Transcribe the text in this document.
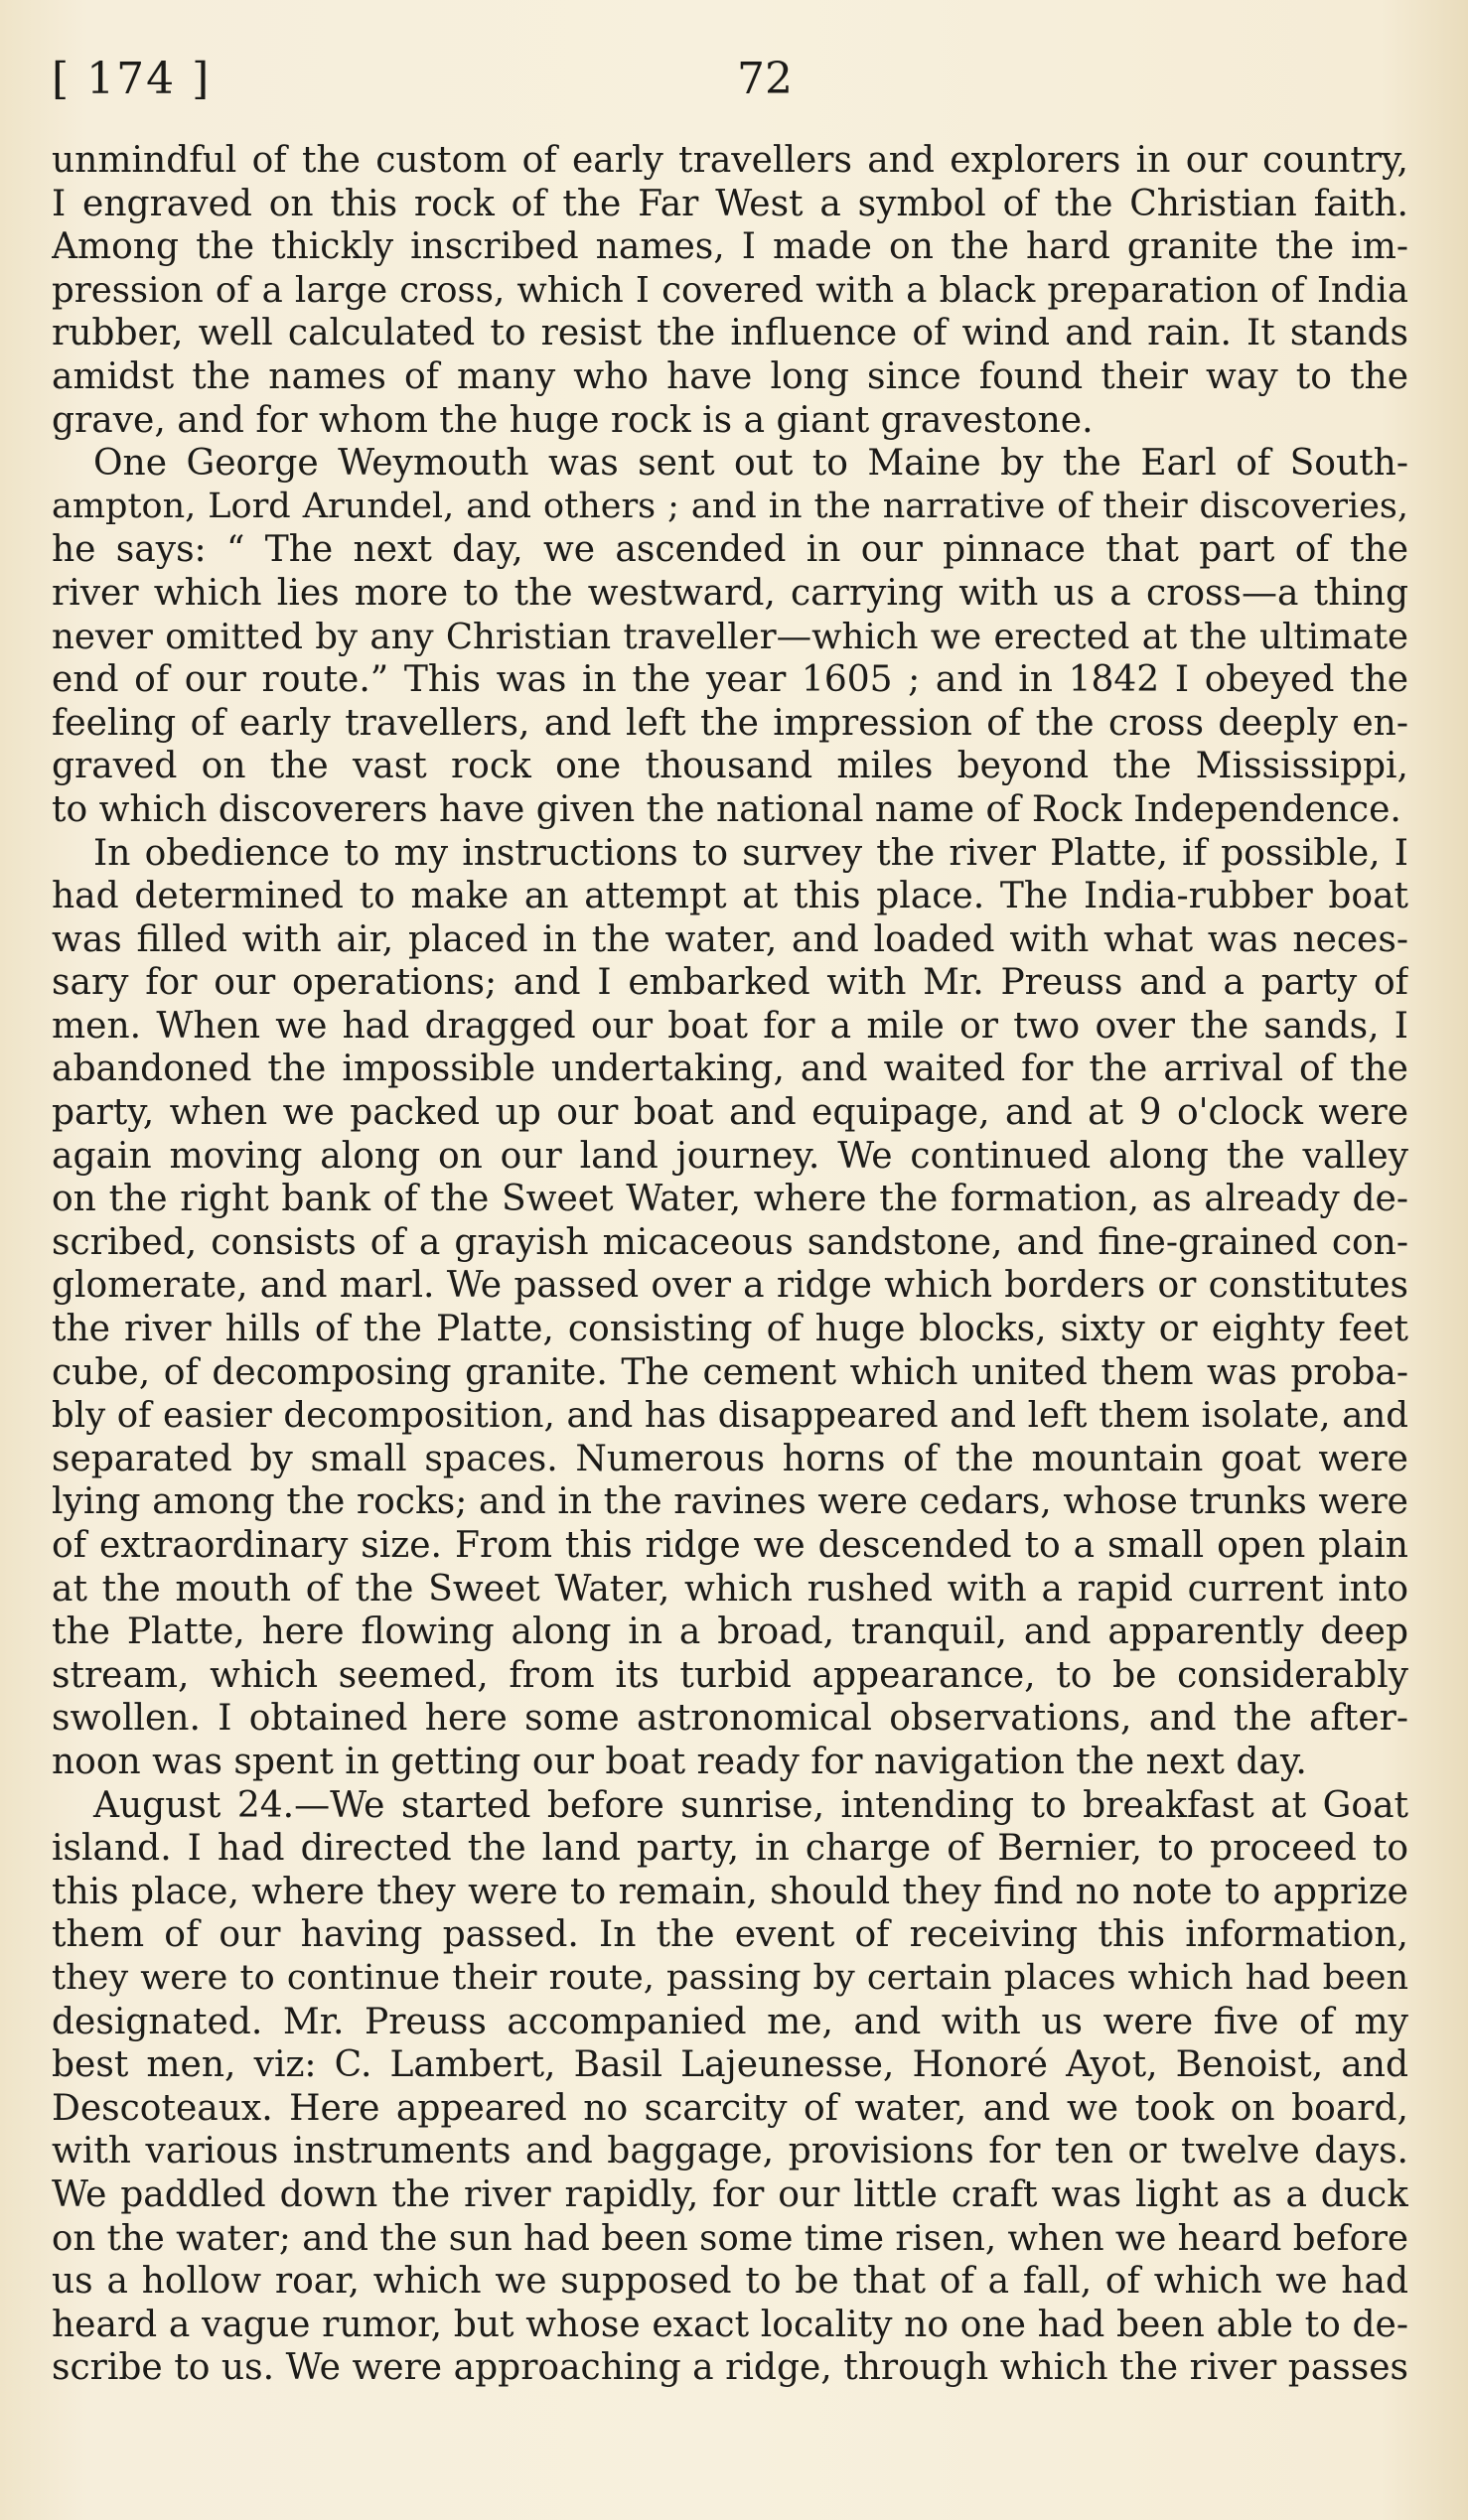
[ 174 ]	72
unmindful of the custom of early travellers and explorers in our country,
I engraved on this rock of the Far West a symbol of the Christian faith.
Among the thickly inscribed names, I made on the hard granite the im-
pression of a large cross, which I covered with a black preparation of India
rubber, well calculated to resist the influence of wind and rain. It stands
amidst the names of many who have long since found their way to the
grave, and for whom the huge rock is a giant gravestone.
One George Weymouth was sent out to Maine by the Earl of South-
ampton, Lord Arundel, and others ; and in the narrative of their discoveries,
he says: “ The next day, we ascended in our pinnace that part of the
river which lies more to the westward, carrying with us a cross—a thing
never omitted by any Christian traveller—which we erected at the ultimate
end of our route.” This was in the year 1605 ; and in 1842 I obeyed the
feeling of early travellers, and left the impression of the cross deeply en-
graved on the vast rock one thousand miles beyond the Mississippi,
to which discoverers have given the national name of Rock Independence.
In obedience to my instructions to survey the river Platte, if possible, I
had determined to make an attempt at this place. The India-rubber boat
was filled with air, placed in the water, and loaded with what was neces-
sary for our operations; and I embarked with Mr. Preuss and a party of
men. When we had dragged our boat for a mile or two over the sands, I
abandoned the impossible undertaking, and waited for the arrival of the
party, when we packed up our boat and equipage, and at 9 o'clock were
again moving along on our land journey. We continued along the valley
on the right bank of the Sweet Water, where the formation, as already de-
scribed, consists of a grayish micaceous sandstone, and fine-grained con-
glomerate, and marl. We passed over a ridge which borders or constitutes
the river hills of the Platte, consisting of huge blocks, sixty or eighty feet
cube, of decomposing granite. The cement which united them was proba-
bly of easier decomposition, and has disappeared and left them isolate, and
separated by small spaces. Numerous horns of the mountain goat were
lying among the rocks; and in the ravines were cedars, whose trunks were
of extraordinary size. From this ridge we descended to a small open plain
at the mouth of the Sweet Water, which rushed with a rapid current into
the Platte, here flowing along in a broad, tranquil, and apparently deep
stream, which seemed, from its turbid appearance, to be considerably
swollen. I obtained here some astronomical observations, and the after-
noon was spent in getting our boat ready for navigation the next day.
August 24.—We started before sunrise, intending to breakfast at Goat
island. I had directed the land party, in charge of Bernier, to proceed to
this place, where they were to remain, should they find no note to apprize
them of our having passed. In the event of receiving this information,
they were to continue their route, passing by certain places which had been
designated. Mr. Preuss accompanied me, and with us were five of my
best men, viz: C. Lambert, Basil Lajeunesse, Honoré Ayot, Benoist, and
Descoteaux. Here appeared no scarcity of water, and we took on board,
with various instruments and baggage, provisions for ten or twelve days.
We paddled down the river rapidly, for our little craft was light as a duck
on the water; and the sun had been some time risen, when we heard before
us a hollow roar, which we supposed to be that of a fall, of which we had
heard a vague rumor, but whose exact locality no one had been able to de-
scribe to us. We were approaching a ridge, through which the river passes
